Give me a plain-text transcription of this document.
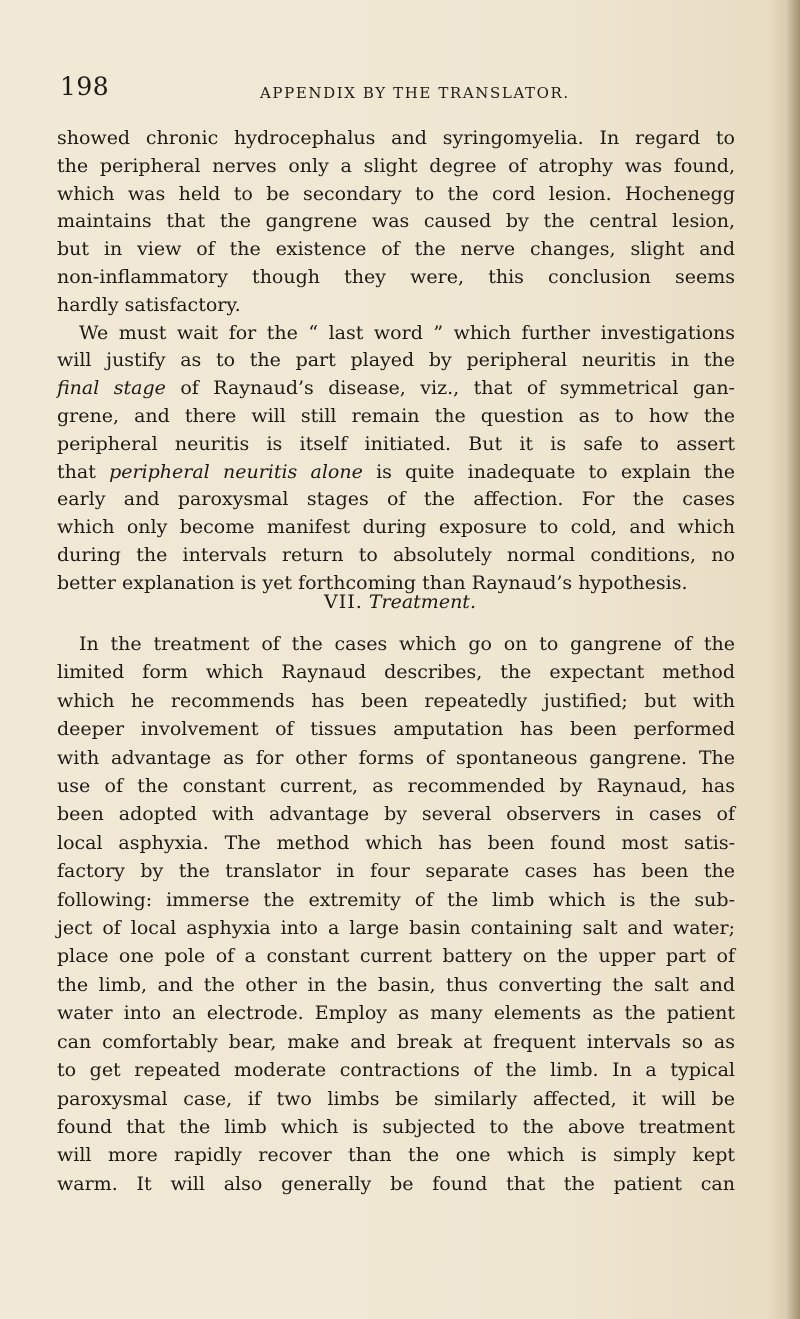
198	APPENDIX BY THE TRANSLATOR.
showed chronic hydrocephalus and syringomyelia. In regard to
the peripheral nerves only a slight degree of atrophy was found,
which was held to be secondary to the cord lesion. Hochenegg
maintains that the gangrene was caused by the central lesion,
but in view of the existence of the nerve changes, slight and
non-inflammatory though they were, this conclusion seems
hardly satisfactory.
We must wait for the “ last word ” which further investigations
will justify as to the part played by peripheral neuritis in the
final stage of Raynaud’s disease, viz., that of symmetrical gan-
grene, and there will still remain the question as to how the
peripheral neuritis is itself initiated. But it is safe to assert
that peripheral neuritis alone is quite inadequate to explain the
early and paroxysmal stages of the affection. For the cases
which only become manifest during exposure to cold, and which
during the intervals return to absolutely normal conditions, no
better explanation is yet forthcoming than Raynaud’s hypothesis.
VII. Treatment.
In the treatment of the cases which go on to gangrene of the
limited form which Raynaud describes, the expectant method
which he recommends has been repeatedly justified; but with
deeper involvement of tissues amputation has been performed
with advantage as for other forms of spontaneous gangrene. The
use of the constant current, as recommended by Raynaud, has
been adopted with advantage by several observers in cases of
local asphyxia. The method which has been found most satis-
factory by the translator in four separate cases has been the
following: immerse the extremity of the limb which is the sub-
ject of local asphyxia into a large basin containing salt and water;
place one pole of a constant current battery on the upper part of
the limb, and the other in the basin, thus converting the salt and
water into an electrode. Employ as many elements as the patient
can comfortably bear, make and break at frequent intervals so as
to get repeated moderate contractions of the limb. In a typical
paroxysmal case, if two limbs be similarly affected, it will be
found that the limb which is subjected to the above treatment
will more rapidly recover than the one which is simply kept
warm. It will also generally be found that the patient can
